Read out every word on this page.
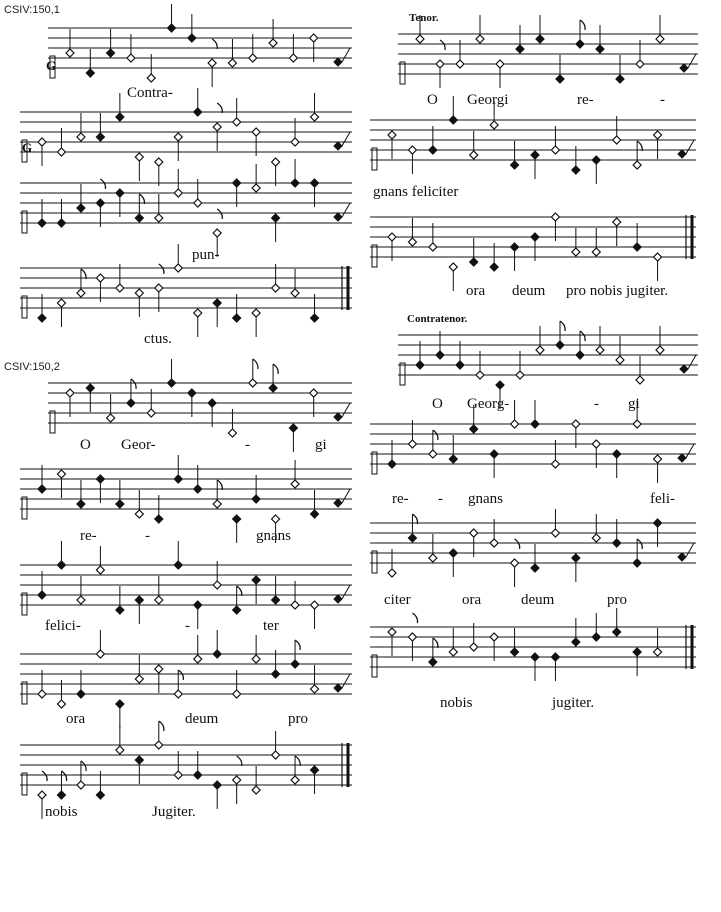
CSIV:150,1
CSIV:150,2
Tenor.
Contratenor.
G
G
Contra-
pun-
ctus.
O Georgi	re-	-
gnans feliciter
ora deum pro nobis jugiter.
O Georg-	- gi
re- - gnans	feli-
citer	ora	deum	pro
nobis	jugiter.
O Geor-	-	gi
re-	-	gnans
felici-	-	ter
ora	deum	pro
nobis	Jugiter.
